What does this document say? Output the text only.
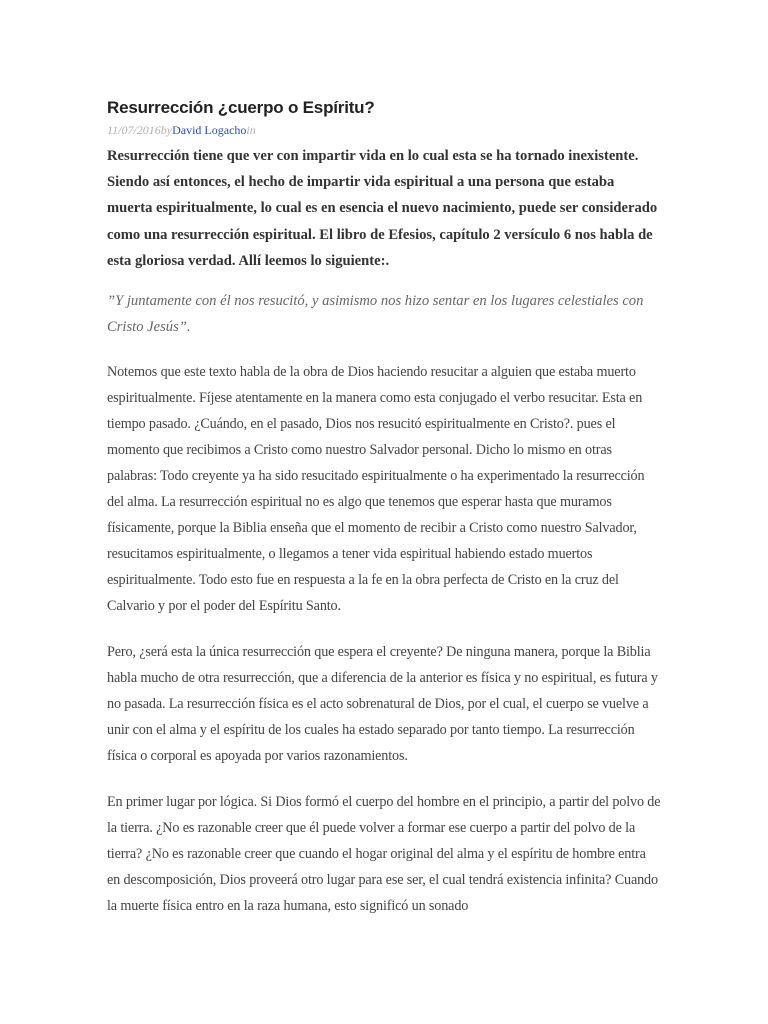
Resurrección ¿cuerpo o Espíritu?
11/07/2016byDavid Logachoin

Resurrección tiene que ver con impartir vida en lo cual esta se ha tornado inexistente. Siendo así entonces, el hecho de impartir vida espiritual a una persona que estaba muerta espiritualmente, lo cual es en esencia el nuevo nacimiento, puede ser considerado como una resurrección espiritual. El libro de Efesios, capítulo 2 versículo 6 nos habla de esta gloriosa verdad. Allí leemos lo siguiente:.

”Y juntamente con él nos resucitó, y asimismo nos hizo sentar en los lugares celestiales con Cristo Jesús”.

Notemos que este texto habla de la obra de Dios haciendo resucitar a alguien que estaba muerto espiritualmente. Fíjese atentamente en la manera como esta conjugado el verbo resucitar. Esta en tiempo pasado. ¿Cuándo, en el pasado, Dios nos resucitó espiritualmente en Cristo?. pues el momento que recibimos a Cristo como nuestro Salvador personal. Dicho lo mismo en otras palabras: Todo creyente ya ha sido resucitado espiritualmente o ha experimentado la resurrección del alma. La resurrección espiritual no es algo que tenemos que esperar hasta que muramos físicamente, porque la Biblia enseña que el momento de recibir a Cristo como nuestro Salvador, resucitamos espiritualmente, o llegamos a tener vida espiritual habiendo estado muertos espiritualmente. Todo esto fue en respuesta a la fe en la obra perfecta de Cristo en la cruz del Calvario y por el poder del Espíritu Santo.

Pero, ¿será esta la única resurrección que espera el creyente? De ninguna manera, porque la Biblia habla mucho de otra resurrección, que a diferencia de la anterior es física y no espiritual, es futura y no pasada. La resurrección física es el acto sobrenatural de Dios, por el cual, el cuerpo se vuelve a unir con el alma y el espíritu de los cuales ha estado separado por tanto tiempo. La resurrección física o corporal es apoyada por varios razonamientos.

En primer lugar por lógica. Si Dios formó el cuerpo del hombre en el principio, a partir del polvo de la tierra. ¿No es razonable creer que él puede volver a formar ese cuerpo a partir del polvo de la tierra? ¿No es razonable creer que cuando el hogar original del alma y el espíritu de hombre entra en descomposición, Dios proveerá otro lugar para ese ser, el cual tendrá existencia infinita? Cuando la muerte física entro en la raza humana, esto significó un sonado
